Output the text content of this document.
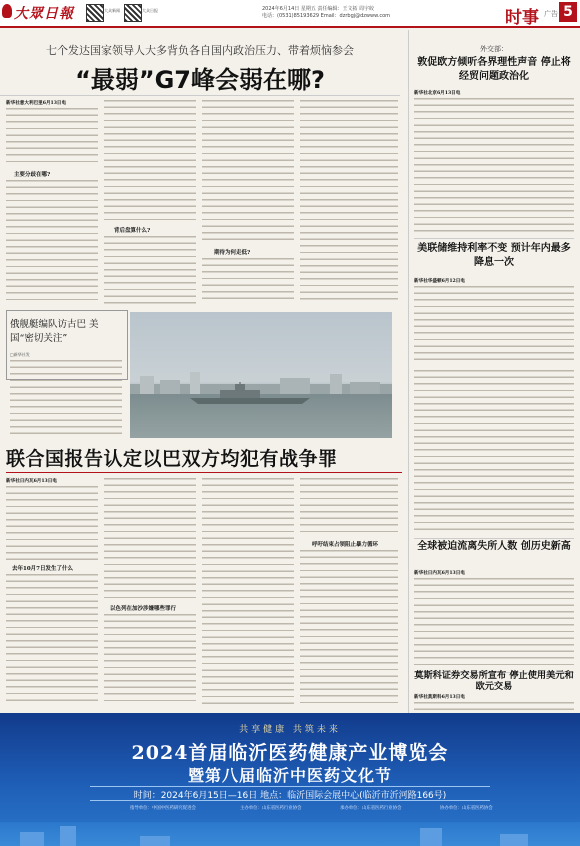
大眾日報	大众新闻	大众日报	2024年6月14日 星期五 责任编辑：王文拓 周宇皎
电话：(0531)85193629 Email：dzrbgj@dzwww.com	时事 广告 5
七个发达国家领导人大多背负各自国内政治压力、带着烦恼参会
“最弱”G7峰会弱在哪?
新华社意大利巴里6月13日电
主要分歧在哪?
背后盘算什么?
期待为何走低?
俄舰艇编队访古巴 美国“密切关注”
□新华社发
联合国报告认定以巴双方均犯有战争罪
新华社日内瓦6月13日电
去年10月7日发生了什么
以色列在加沙涉嫌哪些罪行
呼吁结束占领阻止暴力循环
外交部：
敦促欧方倾听各界理性声音 停止将经贸问题政治化
新华社北京6月13日电
美联储维持利率不变 预计年内最多降息一次
新华社华盛顿6月12日电
全球被迫流离失所人数 创历史新高
新华社日内瓦6月13日电
莫斯科证券交易所宣布 停止使用美元和欧元交易
新华社莫斯科6月13日电
共享健康 共筑未来
2024首届临沂医药健康产业博览会
暨第八届临沂中医药文化节
时间：2024年6月15日—16日 地点：临沂国际会展中心(临沂市沂河路166号)
指导单位：中国中医药研究促进会	主办单位：山东省医药行业协会	承办单位：山东省医药行业协会	协办单位：山东省医药协会
